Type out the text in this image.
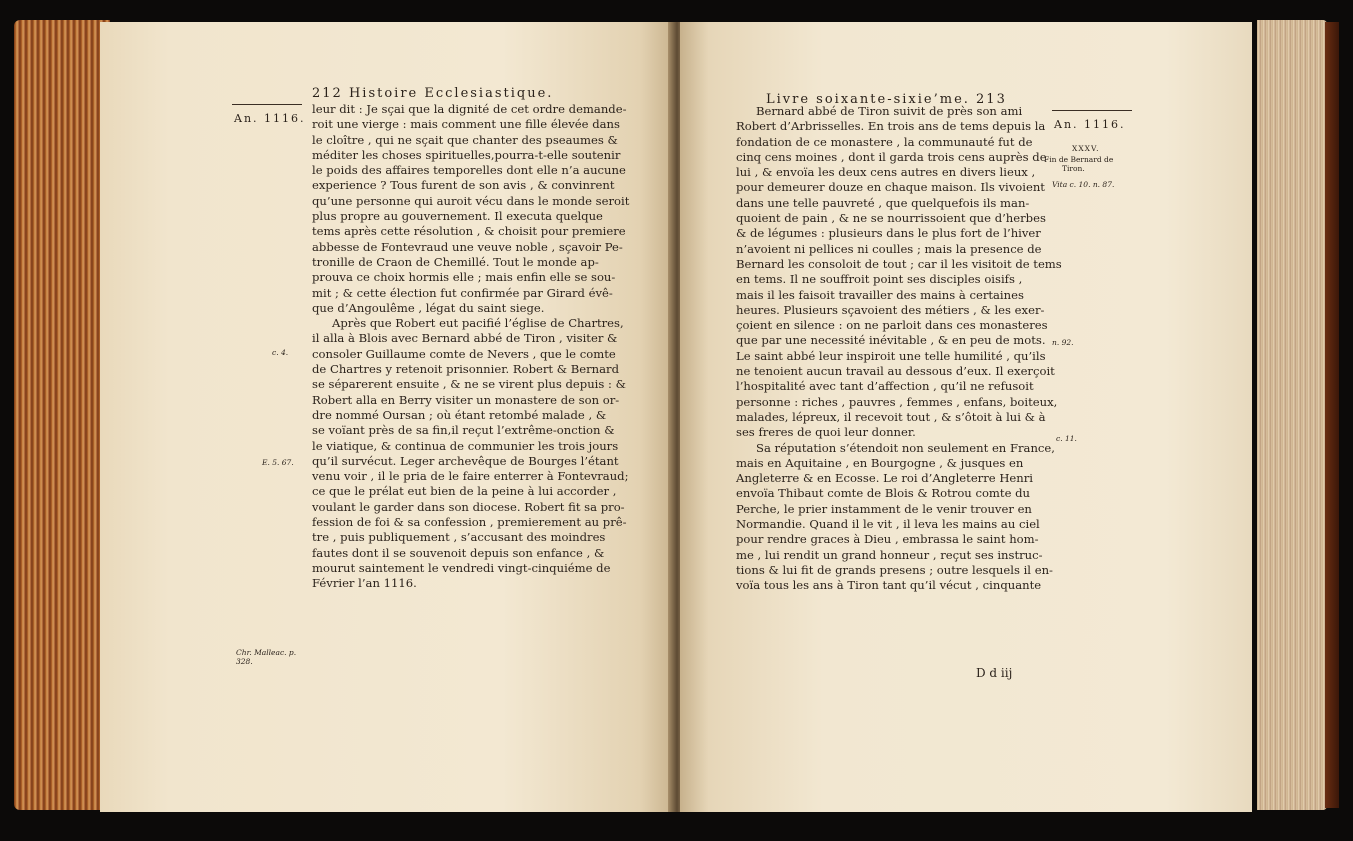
212 Histoire Ecclesiastique.
An. 1116.
c. 4.
E. 5. 67.
Chr. Malleac. p. 328.
leur dit : Je sçai que la dignité de cet ordre demande-
roit une vierge : mais comment une fille élevée dans
le cloître , qui ne sçait que chanter des pseaumes &
méditer les choses spirituelles,pourra-t-elle soutenir
le poids des affaires temporelles dont elle n’a aucune
experience ? Tous furent de son avis , & convinrent
qu’une personne qui auroit vécu dans le monde seroit
plus propre au gouvernement. Il executa quelque
tems après cette résolution , & choisit pour premiere
abbesse de Fontevraud une veuve noble , sçavoir Pe-
tronille de Craon de Chemillé. Tout le monde ap-
prouva ce choix hormis elle ; mais enfin elle se sou-
mit ; & cette élection fut confirmée par Girard évê-
que d’Angoulême , légat du saint siege.
Après que Robert eut pacifié l’église de Chartres,
il alla à Blois avec Bernard abbé de Tiron , visiter &
consoler Guillaume comte de Nevers , que le comte
de Chartres y retenoit prisonnier. Robert & Bernard
se séparerent ensuite , & ne se virent plus depuis : &
Robert alla en Berry visiter un monastere de son or-
dre nommé Oursan ; où étant retombé malade , &
se voïant près de sa fin,il reçut l’extrême-onction &
le viatique, & continua de communier les trois jours
qu’il survécut. Leger archevêque de Bourges l’étant
venu voir , il le pria de le faire enterrer à Fontevraud;
ce que le prélat eut bien de la peine à lui accorder ,
voulant le garder dans son diocese. Robert fit sa pro-
fession de foi & sa confession , premierement au prê-
tre , puis publiquement , s’accusant des moindres
fautes dont il se souvenoit depuis son enfance , &
mourut saintement le vendredi vingt-cinquiéme de
Février l’an 1116.
Livre soixante-sixie’me. 213
An. 1116.
XXXV.
Fin de Bernard de
Tiron.
Vita c. 10. n. 87.
n. 92.
c. 11.
Bernard abbé de Tiron suivit de près son ami
Robert d’Arbrisselles. En trois ans de tems depuis la
fondation de ce monastere , la communauté fut de
cinq cens moines , dont il garda trois cens auprès de
lui , & envoïa les deux cens autres en divers lieux ,
pour demeurer douze en chaque maison. Ils vivoient
dans une telle pauvreté , que quelquefois ils man-
quoient de pain , & ne se nourrissoient que d’herbes
& de légumes : plusieurs dans le plus fort de l’hiver
n’avoient ni pellices ni coulles ; mais la presence de
Bernard les consoloit de tout ; car il les visitoit de tems
en tems. Il ne souffroit point ses disciples oisifs ,
mais il les faisoit travailler des mains à certaines
heures. Plusieurs sçavoient des métiers , & les exer-
çoient en silence : on ne parloit dans ces monasteres
que par une necessité inévitable , & en peu de mots.
Le saint abbé leur inspiroit une telle humilité , qu’ils
ne tenoient aucun travail au dessous d’eux. Il exerçoit
l’hospitalité avec tant d’affection , qu’il ne refusoit
personne : riches , pauvres , femmes , enfans, boiteux,
malades, lépreux, il recevoit tout , & s’ôtoit à lui & à
ses freres de quoi leur donner.
Sa réputation s’étendoit non seulement en France,
mais en Aquitaine , en Bourgogne , & jusques en
Angleterre & en Ecosse. Le roi d’Angleterre Henri
envoïa Thibaut comte de Blois & Rotrou comte du
Perche, le prier instamment de le venir trouver en
Normandie. Quand il le vit , il leva les mains au ciel
pour rendre graces à Dieu , embrassa le saint hom-
me , lui rendit un grand honneur , reçut ses instruc-
tions & lui fit de grands presens ; outre lesquels il en-
voïa tous les ans à Tiron tant qu’il vécut , cinquante
D d iij
